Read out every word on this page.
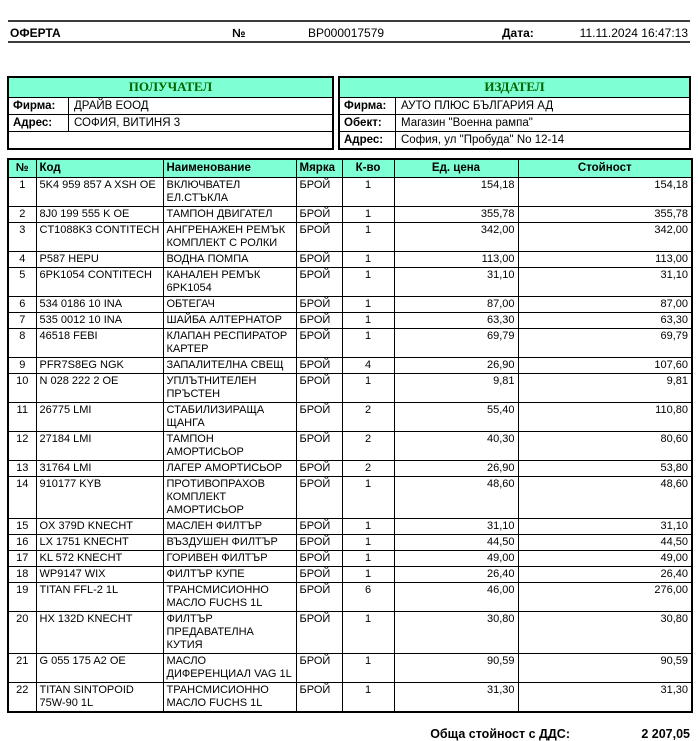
ОФЕРТА	№	BP000017579	Дата:	11.11.2024 16:47:13
ПОЛУЧАТЕЛ
Фирма:	ДРАЙВ ЕООД
Адрес:	СОФИЯ, ВИТИНЯ 3
ИЗДАТЕЛ
Фирма:	АУТО ПЛЮС БЪЛГАРИЯ АД
Обект:	Магазин "Военна рампа"
Адрес:	София, ул "Пробуда" No 12-14
№	Код	Наименование	Мярка	К-во	Ед. цена	Стойност
1	5K4 959 857 A XSH OE	ВКЛЮЧВАТЕЛ ЕЛ.СТЪКЛА	БРОЙ	1	154,18	154,18
2	8J0 199 555 K OE	ТАМПОН ДВИГАТЕЛ	БРОЙ	1	355,78	355,78
3	CT1088K3 CONTITECH	АНГРЕНАЖЕН РЕМЪК КОМПЛЕКТ С РОЛКИ	БРОЙ	1	342,00	342,00
4	P587 HEPU	ВОДНА ПОМПА	БРОЙ	1	113,00	113,00
5	6PK1054 CONTITECH	КАНАЛЕН РЕМЪК 6PK1054	БРОЙ	1	31,10	31,10
6	534 0186 10 INA	ОБТЕГАЧ	БРОЙ	1	87,00	87,00
7	535 0012 10 INA	ШАЙБА АЛТЕРНАТОР	БРОЙ	1	63,30	63,30
8	46518 FEBI	КЛАПАН РЕСПИРАТОР КАРТЕР	БРОЙ	1	69,79	69,79
9	PFR7S8EG NGK	ЗАПАЛИТЕЛНА СВЕЩ	БРОЙ	4	26,90	107,60
10	N 028 222 2 OE	УПЛЪТНИТЕЛЕН ПРЪСТЕН	БРОЙ	1	9,81	9,81
11	26775 LMI	СТАБИЛИЗИРАЩА ЩАНГА	БРОЙ	2	55,40	110,80
12	27184 LMI	ТАМПОН АМОРТИСЬОР	БРОЙ	2	40,30	80,60
13	31764 LMI	ЛАГЕР АМОРТИСЬОР	БРОЙ	2	26,90	53,80
14	910177 KYB	ПРОТИВОПРАХОВ КОМПЛЕКТ АМОРТИСЬОР	БРОЙ	1	48,60	48,60
15	OX 379D KNECHT	МАСЛЕН ФИЛТЪР	БРОЙ	1	31,10	31,10
16	LX 1751 KNECHT	ВЪЗДУШЕН ФИЛТЪР	БРОЙ	1	44,50	44,50
17	KL 572 KNECHT	ГОРИВЕН ФИЛТЪР	БРОЙ	1	49,00	49,00
18	WP9147 WIX	ФИЛТЪР КУПЕ	БРОЙ	1	26,40	26,40
19	TITAN FFL-2 1L	ТРАНСМИСИОННО МАСЛО FUCHS 1L	БРОЙ	6	46,00	276,00
20	HX 132D KNECHT	ФИЛТЪР ПРЕДАВАТЕЛНА КУТИЯ	БРОЙ	1	30,80	30,80
21	G 055 175 A2 OE	МАСЛО ДИФЕРЕНЦИАЛ VAG 1L	БРОЙ	1	90,59	90,59
22	TITAN SINTOPOID 75W-90 1L	ТРАНСМИСИОННО МАСЛО FUCHS 1L	БРОЙ	1	31,30	31,30
Обща стойност с ДДС:	2 207,05
